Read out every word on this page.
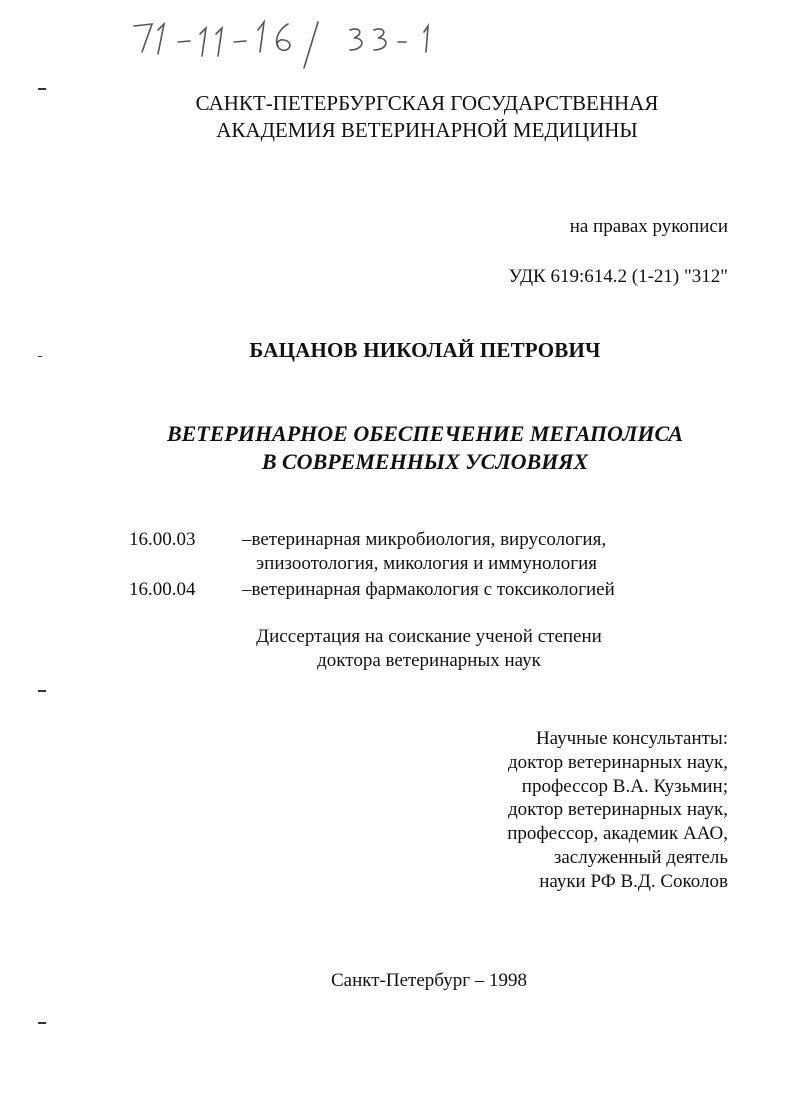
САНКТ-ПЕТЕРБУРГСКАЯ ГОСУДАРСТВЕННАЯ
АКАДЕМИЯ ВЕТЕРИНАРНОЙ МЕДИЦИНЫ
на правах рукописи
УДК 619:614.2 (1-21) "312"
БАЦАНОВ НИКОЛАЙ ПЕТРОВИЧ
ВЕТЕРИНАРНОЕ ОБЕСПЕЧЕНИЕ МЕГАПОЛИСА
В СОВРЕМЕННЫХ УСЛОВИЯХ
16.00.03 –ветеринарная микробиология, вирусология,
эпизоотология, микология и иммунология
16.00.04 –ветеринарная фармакология с токсикологией
Диссертация на соискание ученой степени
доктора ветеринарных наук
Научные консультанты:
доктор ветеринарных наук,
профессор В.А. Кузьмин;
доктор ветеринарных наук,
профессор, академик ААО,
заслуженный деятель
науки РФ В.Д. Соколов
Санкт-Петербург – 1998
